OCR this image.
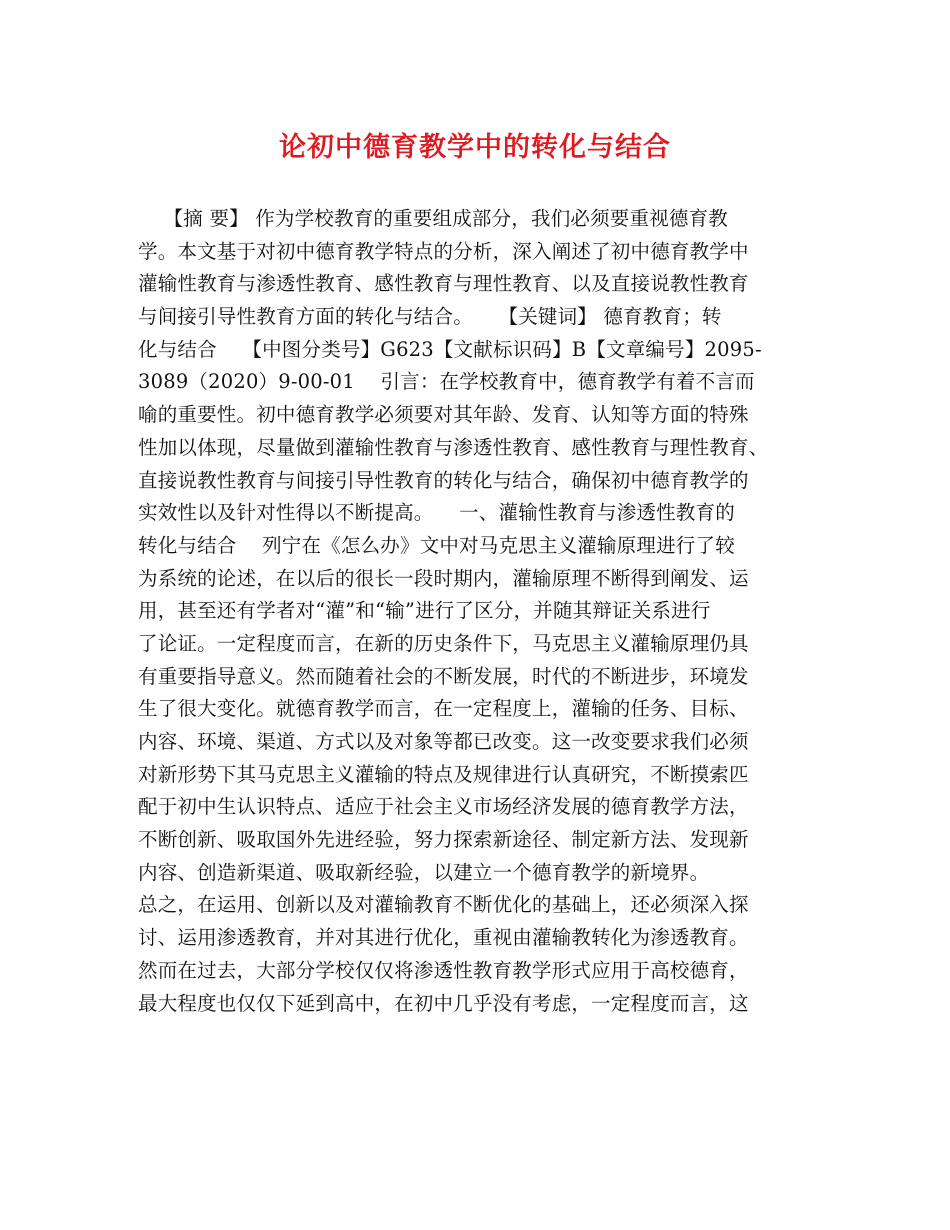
论初中德育教学中的转化与结合
【摘 要】 作为学校教育的重要组成部分，我们必须要重视德育教
学。本文基于对初中德育教学特点的分析，深入阐述了初中德育教学中
灌输性教育与渗透性教育、感性教育与理性教育、以及直接说教性教育
与间接引导性教育方面的转化与结合。    【关键词】 德育教育；转
化与结合    【中图分类号】G623【文献标识码】B【文章编号】2095-
3089（2020）9-00-01    引言：在学校教育中，德育教学有着不言而
喻的重要性。初中德育教学必须要对其年龄、发育、认知等方面的特殊
性加以体现，尽量做到灌输性教育与渗透性教育、感性教育与理性教育、
直接说教性教育与间接引导性教育的转化与结合，确保初中德育教学的
实效性以及针对性得以不断提高。    一、灌输性教育与渗透性教育的
转化与结合    列宁在《怎么办》文中对马克思主义灌输原理进行了较
为系统的论述，在以后的很长一段时期内，灌输原理不断得到阐发、运
用，甚至还有学者对“灌”和“输”进行了区分，并随其辩证关系进行
了论证。一定程度而言，在新的历史条件下，马克思主义灌输原理仍具
有重要指导意义。然而随着社会的不断发展，时代的不断进步，环境发
生了很大变化。就德育教学而言，在一定程度上，灌输的任务、目标、
内容、环境、渠道、方式以及对象等都已改变。这一改变要求我们必须
对新形势下其马克思主义灌输的特点及规律进行认真研究，不断摸索匹
配于初中生认识特点、适应于社会主义市场经济发展的德育教学方法，
不断创新、吸取国外先进经验，努力探索新途径、制定新方法、发现新
内容、创造新渠道、吸取新经验，以建立一个德育教学的新境界。
总之，在运用、创新以及对灌输教育不断优化的基础上，还必须深入探
讨、运用渗透教育，并对其进行优化，重视由灌输教转化为渗透教育。
然而在过去，大部分学校仅仅将渗透性教育教学形式应用于高校德育，
最大程度也仅仅下延到高中，在初中几乎没有考虑，一定程度而言，这
